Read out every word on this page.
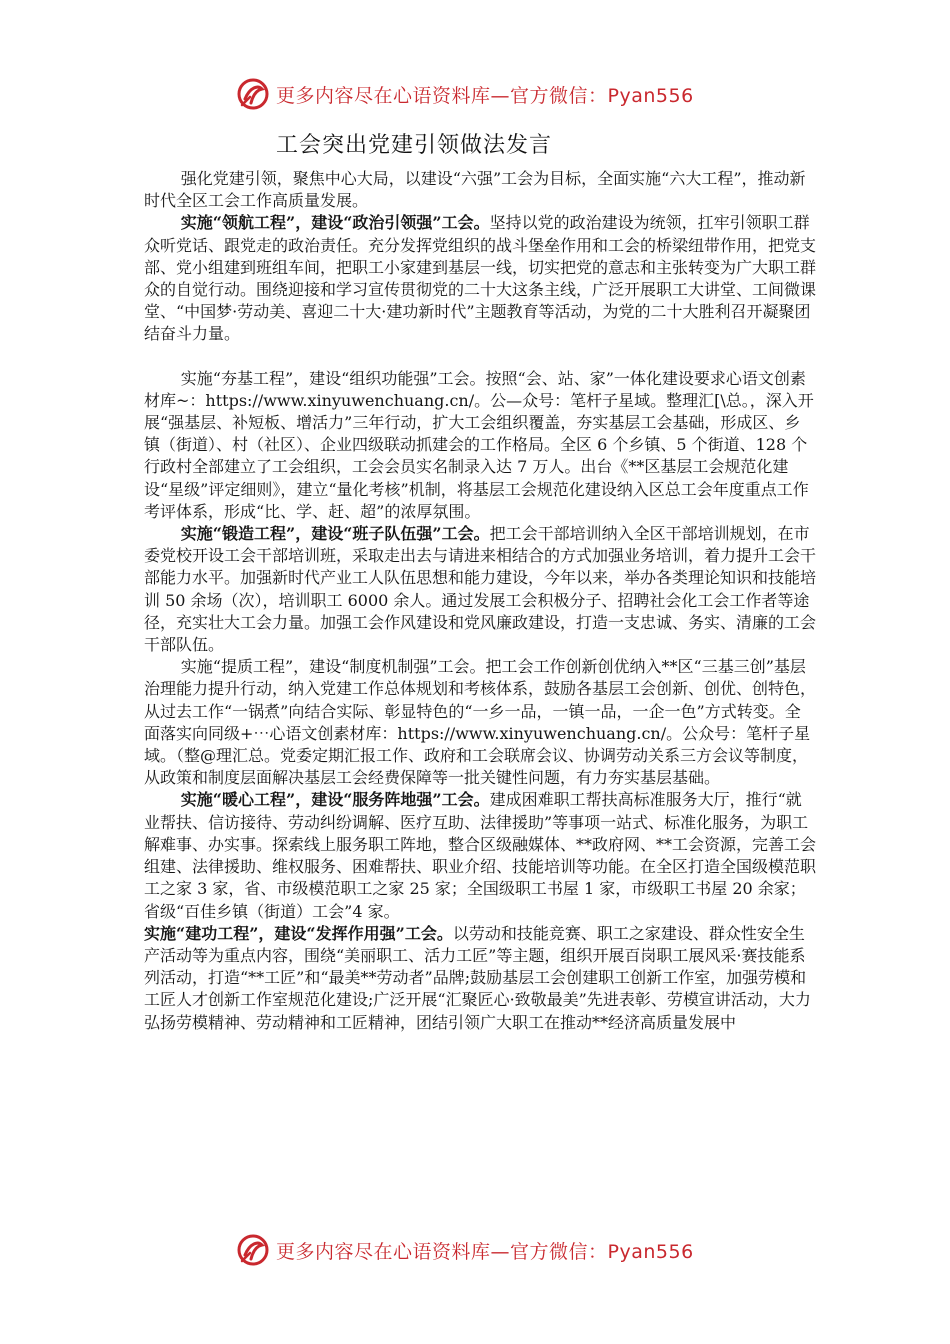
更多内容尽在心语资料库—官方微信：Pyan556
工会突出党建引领做法发言

强化党建引领，聚焦中心大局，以建设“六强”工会为目标，全面实施“六大工程”，推动新时代全区工会工作高质量发展。

实施“领航工程”，建设“政治引领强”工会。坚持以党的政治建设为统领，扛牢引领职工群众听党话、跟党走的政治责任。充分发挥党组织的战斗堡垒作用和工会的桥梁纽带作用，把党支部、党小组建到班组车间，把职工小家建到基层一线，切实把党的意志和主张转变为广大职工群众的自觉行动。围绕迎接和学习宣传贯彻党的二十大这条主线，广泛开展职工大讲堂、工间微课堂、“中国梦·劳动美、喜迎二十大·建功新时代”主题教育等活动，为党的二十大胜利召开凝聚团结奋斗力量。

实施“夯基工程”，建设“组织功能强”工会。按照“会、站、家”一体化建设要求心语文创素材库~：https://www.xinyuwenchuang.cn/。公—众号：笔杆子星域。整理汇[\总。，深入开展“强基层、补短板、增活力”三年行动，扩大工会组织覆盖，夯实基层工会基础，形成区、乡镇（街道）、村（社区）、企业四级联动抓建会的工作格局。全区 6 个乡镇、5 个街道、128 个行政村全部建立了工会组织，工会会员实名制录入达 7 万人。出台《**区基层工会规范化建设“星级”评定细则》，建立“量化考核”机制，将基层工会规范化建设纳入区总工会年度重点工作考评体系，形成“比、学、赶、超”的浓厚氛围。

实施“锻造工程”，建设“班子队伍强”工会。把工会干部培训纳入全区干部培训规划，在市委党校开设工会干部培训班，采取走出去与请进来相结合的方式加强业务培训，着力提升工会干部能力水平。加强新时代产业工人队伍思想和能力建设，今年以来，举办各类理论知识和技能培训 50 余场（次），培训职工 6000 余人。通过发展工会积极分子、招聘社会化工会工作者等途径，充实壮大工会力量。加强工会作风建设和党风廉政建设，打造一支忠诚、务实、清廉的工会干部队伍。

实施“提质工程”，建设“制度机制强”工会。把工会工作创新创优纳入**区“三基三创”基层治理能力提升行动，纳入党建工作总体规划和考核体系，鼓励各基层工会创新、创优、创特色，从过去工作“一锅煮”向结合实际、彰显特色的“一乡一品，一镇一品，一企一色”方式转变。全面落实向同级+⋯心语文创素材库：https://www.xinyuwenchuang.cn/。公众号：笔杆子星域。（整@理汇总。党委定期汇报工作、政府和工会联席会议、协调劳动关系三方会议等制度，从政策和制度层面解决基层工会经费保障等一批关键性问题，有力夯实基层基础。

实施“暖心工程”，建设“服务阵地强”工会。建成困难职工帮扶高标准服务大厅，推行“就业帮扶、信访接待、劳动纠纷调解、医疗互助、法律援助”等事项一站式、标准化服务，为职工解难事、办实事。探索线上服务职工阵地，整合区级融媒体、**政府网、**工会资源，完善工会组建、法律援助、维权服务、困难帮扶、职业介绍、技能培训等功能。在全区打造全国级模范职工之家 3 家，省、市级模范职工之家 25 家；全国级职工书屋 1 家，市级职工书屋 20 余家；省级“百佳乡镇（街道）工会”4 家。

实施“建功工程”，建设“发挥作用强”工会。以劳动和技能竞赛、职工之家建设、群众性安全生产活动等为重点内容，围绕“美丽职工、活力工匠”等主题，组织开展百岗职工展风采·赛技能系列活动，打造“**工匠”和“最美**劳动者”品牌;鼓励基层工会创建职工创新工作室，加强劳模和工匠人才创新工作室规范化建设;广泛开展“汇聚匠心·致敬最美”先进表彰、劳模宣讲活动，大力弘扬劳模精神、劳动精神和工匠精神，团结引领广大职工在推动**经济高质量发展中

更多内容尽在心语资料库—官方微信：Pyan556
